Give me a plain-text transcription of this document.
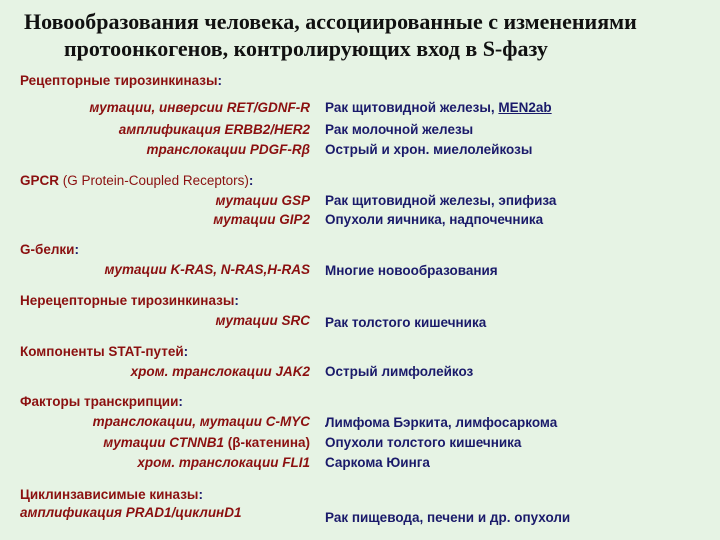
Новообразования человека, ассоциированные с изменениями
протоонкогенов, контролирующих вход в S-фазу
Рецепторные тирозинкиназы:
мутации, инверсии RET/GDNF-R
амплификация ERBB2/HER2
транслокации PDGF-Rβ
Рак щитовидной железы, MEN2ab
Рак молочной железы
Острый и хрон. миелолейкозы
GPCR (G Protein-Coupled Receptors):
мутации GSP
мутации GIP2
Рак щитовидной железы, эпифиза
Опухоли яичника, надпочечника
G-белки:
мутации K-RAS, N-RAS,H-RAS Многие новообразования
Нерецепторные тирозинкиназы:
мутации SRC Рак толстого кишечника
Компоненты STAT-путей:
хром. транслокации JAK2 Острый лимфолейкоз
Факторы транскрипции:
транслокации, мутации C-MYC
мутации CTNNB1 (β-катенина)
хром. транслокации FLI1
Лимфома Бэркита, лимфосаркома
Опухоли толстого кишечника
Саркома Юинга
Циклинзависимые киназы:
амплификация PRAD1/циклинD1	Рак пищевода, печени и др. опухоли
